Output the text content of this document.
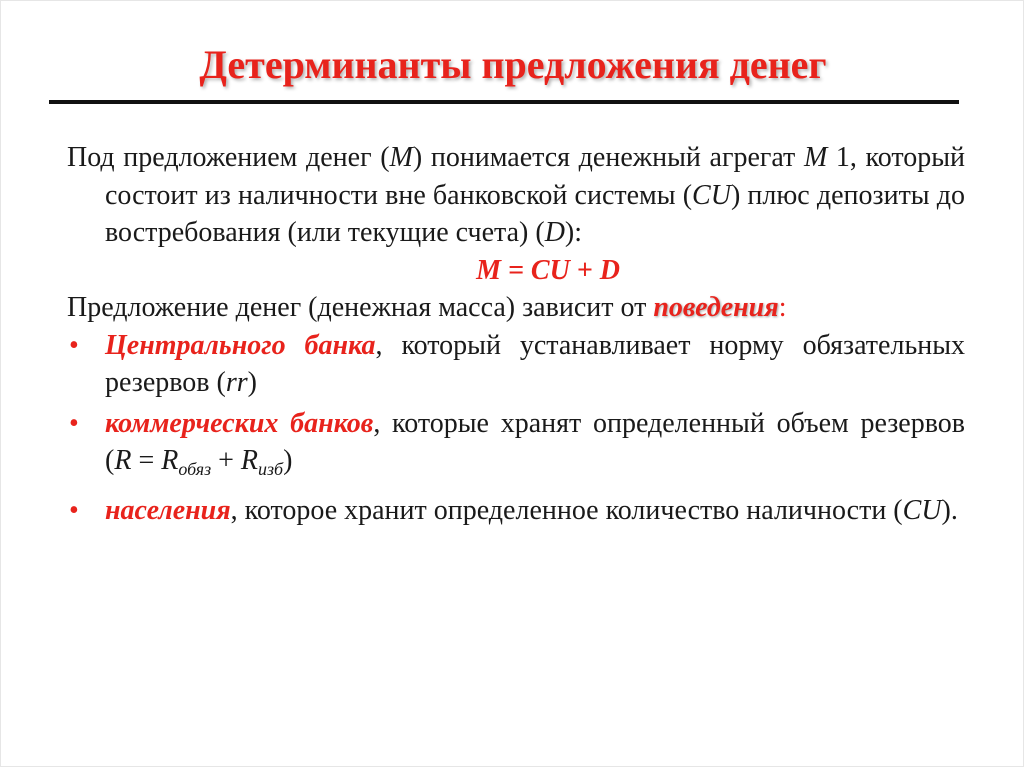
Детерминанты предложения денег

Под предложением денег (M) понимается денежный агрегат M 1, который состоит из наличности вне банковской системы (CU) плюс депозиты до востребования (или текущие счета) (D):

M = CU + D

Предложение денег (денежная масса) зависит от поведения:

• Центрального банка, который устанавливает норму обязательных резервов (rr)
• коммерческих банков, которые хранят определенный объем резервов $(R = R_{обяз} + R_{изб})$
• населения, которое хранит определенное количество наличности (CU).
